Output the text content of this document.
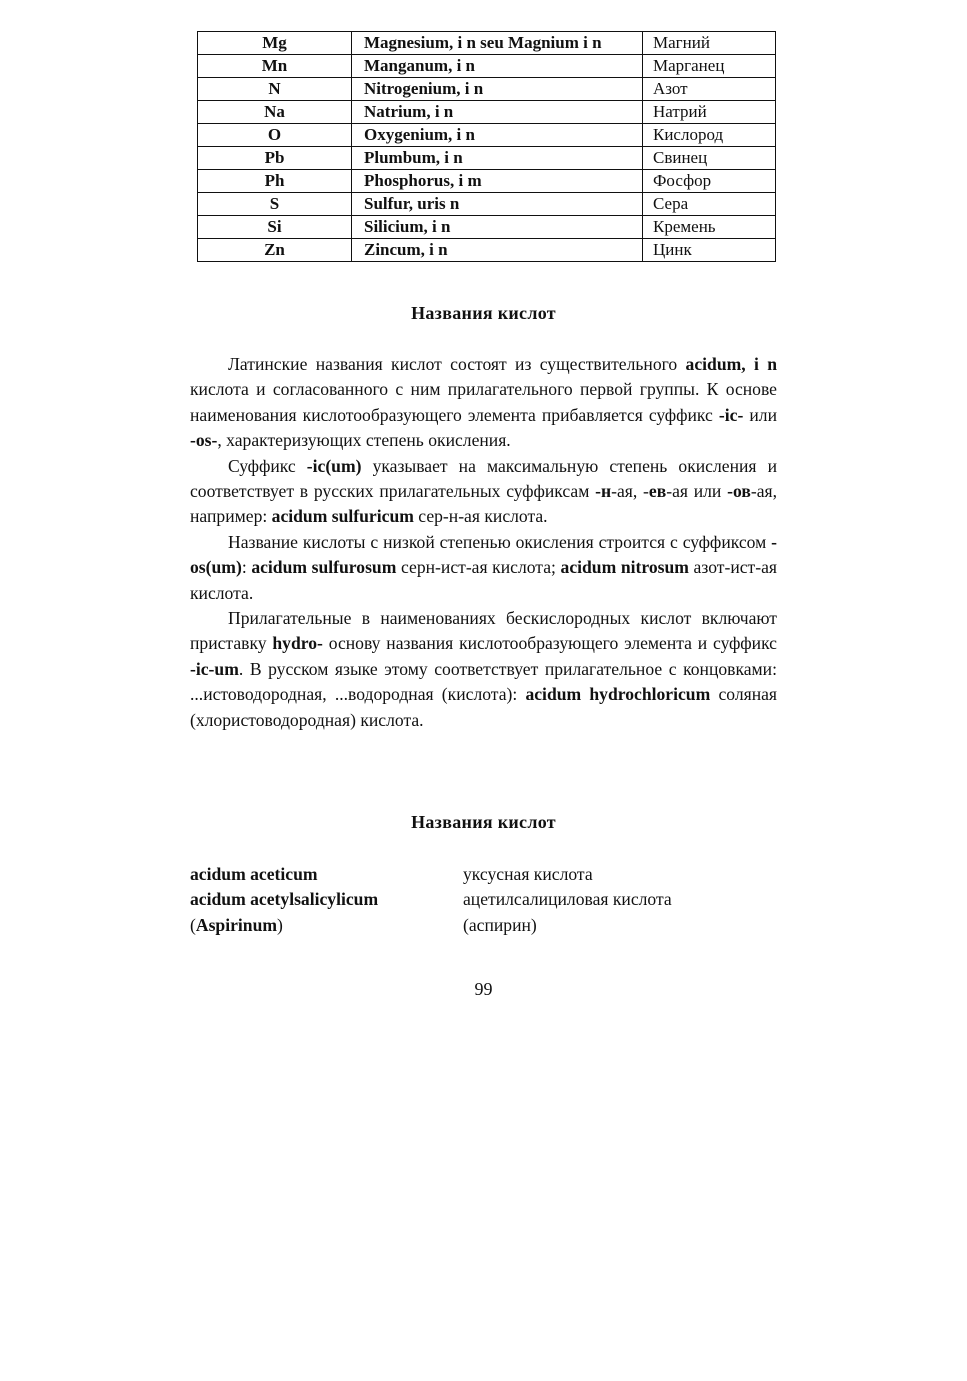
Mg	Magnesium, i n seu Magnium i n	Магний
Mn	Manganum, i n	Марганец
N	Nitrogenium, i n	Азот
Na	Natrium, i n	Натрий
O	Oxygenium, i n	Кислород
Pb	Plumbum, i n	Свинец
Ph	Phosphorus, i m	Фосфор
S	Sulfur, uris n	Сера
Si	Silicium, i n	Кремень
Zn	Zincum, i n	Цинк
Названия кислот

Латинские названия кислот состоят из существительного acidum, i n кислота и согласованного с ним прилагательного первой группы. К основе наименования кислотообразующего элемента прибавляется суффикс -ic- или -os-, характеризующих степень окисления.

Суффикс -ic(um) указывает на максимальную степень окисления и соответствует в русских прилагательных суффиксам -н-ая, -ев-ая или -ов-ая, например: acidum sulfuricum сер-н-ая кислота.

Название кислоты с низкой степенью окисления строится с суффиксом -os(um): acidum sulfurosum серн-ист-ая кислота; acidum nitrosum азот-ист-ая кислота.

Прилагательные в наименованиях бескислородных кислот включают приставку hydro- основу названия кислотообразующего элемента и суффикс -ic-um. В русском языке этому соответствует прилагательное с концовками: ...истоводородная, ...водородная (кислота): acidum hydrochloricum соляная (хлористоводородная) кислота.

Названия кислот
acidum aceticum	уксусная кислота
acidum acetylsalicylicum	ацетилсалициловая кислота
(Aspirinum)	(аспирин)
99
